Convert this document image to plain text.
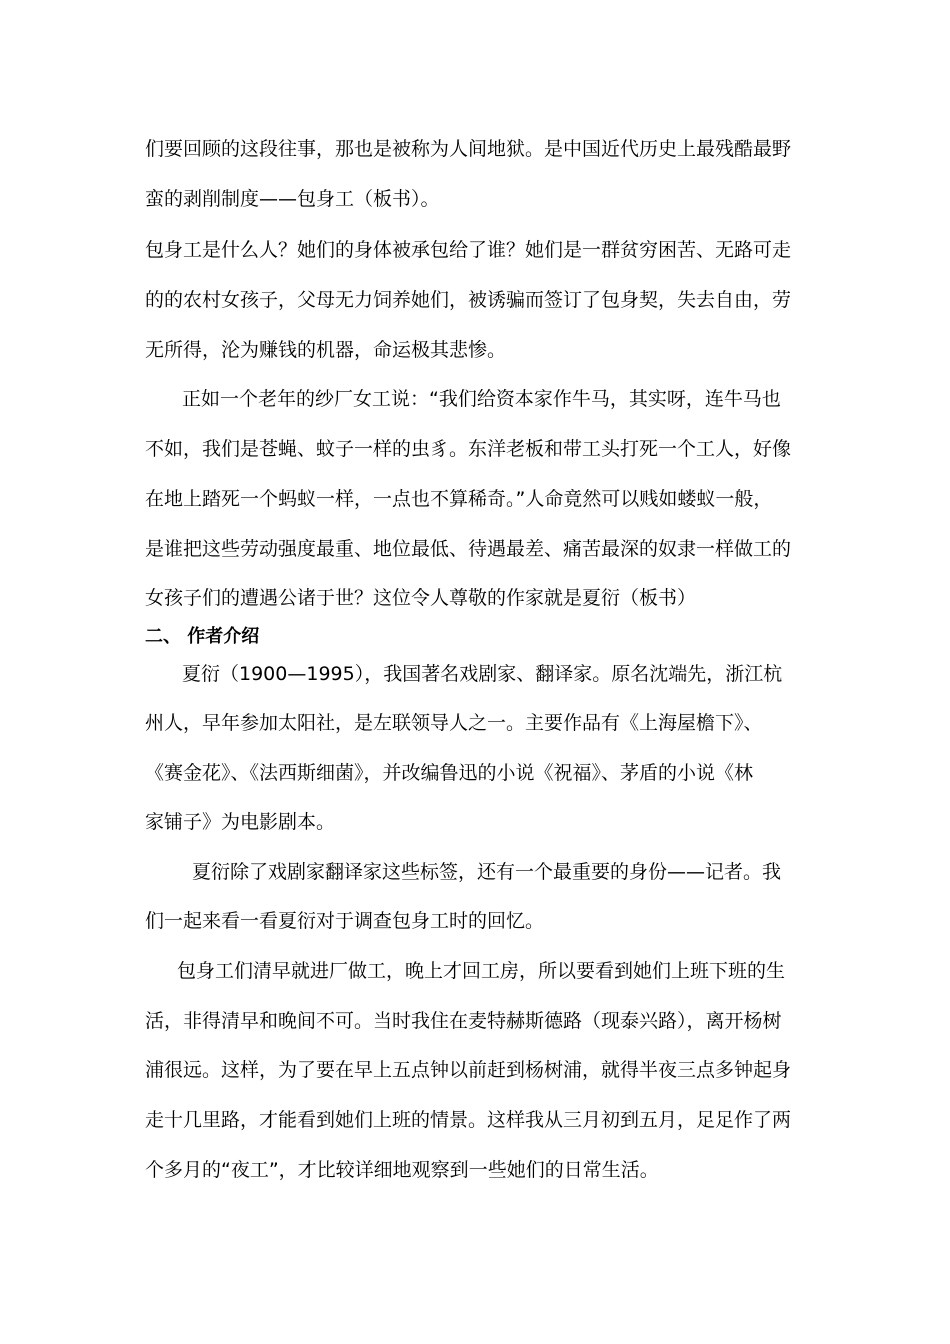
们要回顾的这段往事，那也是被称为人间地狱。是中国近代历史上最残酷最野
蛮的剥削制度——包身工（板书）。
包身工是什么人？她们的身体被承包给了谁？她们是一群贫穷困苦、无路可走
的的农村女孩子，父母无力饲养她们，被诱骗而签订了包身契，失去自由，劳
无所得，沦为赚钱的机器，命运极其悲惨。
正如一个老年的纱厂女工说：“我们给资本家作牛马，其实呀，连牛马也
不如，我们是苍蝇、蚊子一样的虫豸。东洋老板和带工头打死一个工人，好像
在地上踏死一个蚂蚁一样，一点也不算稀奇。”人命竟然可以贱如蝼蚁一般，
是谁把这些劳动强度最重、地位最低、待遇最差、痛苦最深的奴隶一样做工的
女孩子们的遭遇公诸于世？这位令人尊敬的作家就是夏衍（板书）
二、 作者介绍
夏衍（1900—1995），我国著名戏剧家、翻译家。原名沈端先，浙江杭
州人，早年参加太阳社，是左联领导人之一。主要作品有《上海屋檐下》、
《赛金花》、《法西斯细菌》，并改编鲁迅的小说《祝福》、茅盾的小说《林
家铺子》为电影剧本。
夏衍除了戏剧家翻译家这些标签，还有一个最重要的身份——记者。我
们一起来看一看夏衍对于调查包身工时的回忆。
包身工们清早就进厂做工，晚上才回工房，所以要看到她们上班下班的生
活，非得清早和晚间不可。当时我住在麦特赫斯德路（现泰兴路），离开杨树
浦很远。这样，为了要在早上五点钟以前赶到杨树浦，就得半夜三点多钟起身
走十几里路，才能看到她们上班的情景。这样我从三月初到五月，足足作了两
个多月的“夜工”，才比较详细地观察到一些她们的日常生活。
